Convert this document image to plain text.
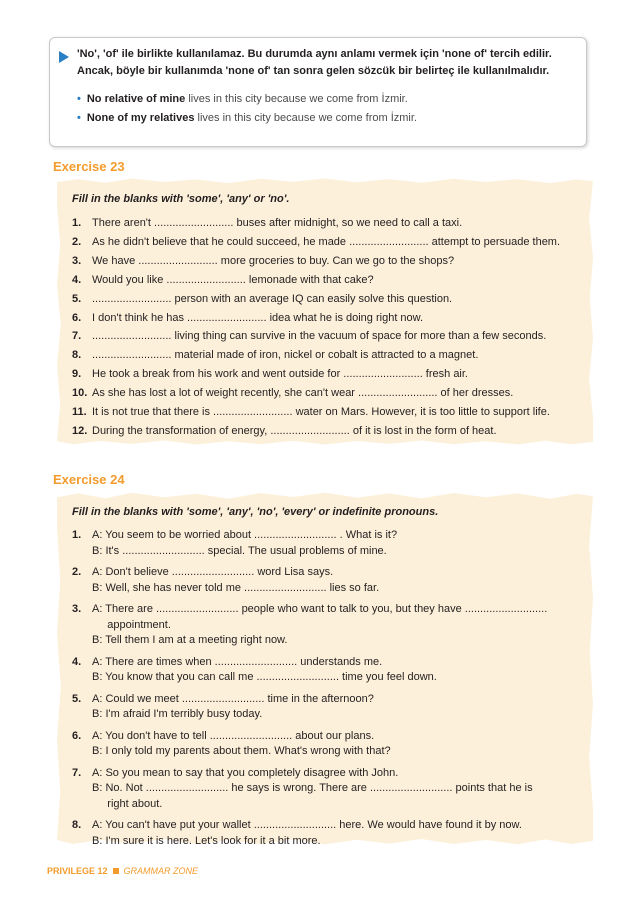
'No', 'of' ile birlikte kullanılamaz. Bu durumda aynı anlamı vermek için 'none of' tercih edilir.
Ancak, böyle bir kullanımda 'none of' tan sonra gelen sözcük bir belirteç ile kullanılmalıdır.
• No relative of mine lives in this city because we come from İzmir.
• None of my relatives lives in this city because we come from İzmir.
Exercise 23
Fill in the blanks with 'some', 'any' or 'no'.
1. There aren't .......................... buses after midnight, so we need to call a taxi.
2. As he didn't believe that he could succeed, he made .......................... attempt to persuade them.
3. We have .......................... more groceries to buy. Can we go to the shops?
4. Would you like .......................... lemonade with that cake?
5. .......................... person with an average IQ can easily solve this question.
6. I don't think he has .......................... idea what he is doing right now.
7. .......................... living thing can survive in the vacuum of space for more than a few seconds.
8. .......................... material made of iron, nickel or cobalt is attracted to a magnet.
9. He took a break from his work and went outside for .......................... fresh air.
10. As she has lost a lot of weight recently, she can't wear .......................... of her dresses.
11. It is not true that there is .......................... water on Mars. However, it is too little to support life.
12. During the transformation of energy, .......................... of it is lost in the form of heat.
Exercise 24
Fill in the blanks with 'some', 'any', 'no', 'every' or indefinite pronouns.
1. A: You seem to be worried about ........................... . What is it?
B: It's ........................... special. The usual problems of mine.
2. A: Don't believe ........................... word Lisa says.
B: Well, she has never told me ........................... lies so far.
3. A: There are ........................... people who want to talk to you, but they have ...........................
appointment.
B: Tell them I am at a meeting right now.
4. A: There are times when ........................... understands me.
B: You know that you can call me ........................... time you feel down.
5. A: Could we meet ........................... time in the afternoon?
B: I'm afraid I'm terribly busy today.
6. A: You don't have to tell ........................... about our plans.
B: I only told my parents about them. What's wrong with that?
7. A: So you mean to say that you completely disagree with John.
B: No. Not ........................... he says is wrong. There are ........................... points that he is
right about.
8. A: You can't have put your wallet ........................... here. We would have found it by now.
B: I'm sure it is here. Let's look for it a bit more.
PRIVILEGE 12 GRAMMAR ZONE
